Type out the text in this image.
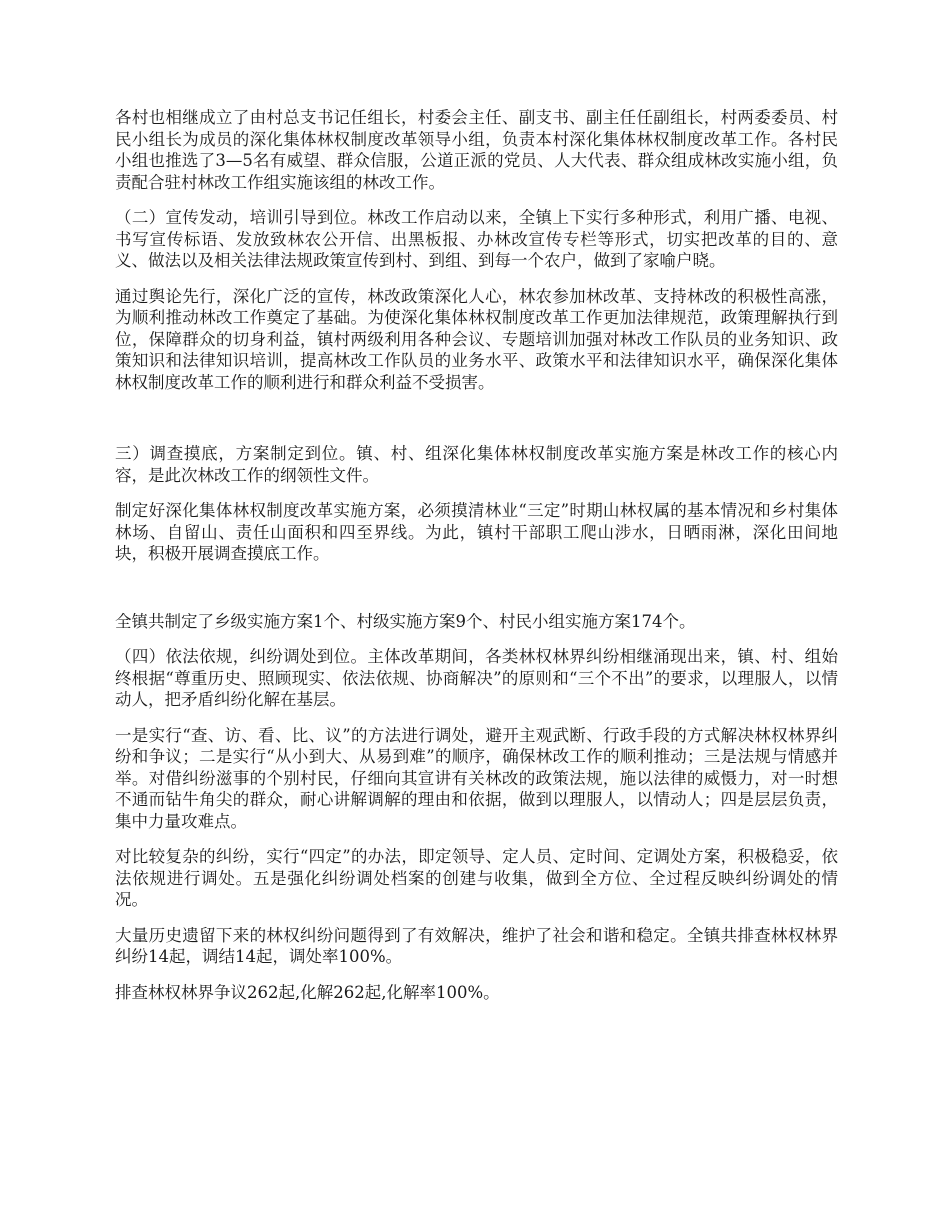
各村也相继成立了由村总支书记任组长，村委会主任、副支书、副主任任副组长，村两委委员、村民小组长为成员的深化集体林权制度改革领导小组，负责本村深化集体林权制度改革工作。各村民小组也推选了3—5名有威望、群众信服，公道正派的党员、人大代表、群众组成林改实施小组，负责配合驻村林改工作组实施该组的林改工作。

（二）宣传发动，培训引导到位。林改工作启动以来，全镇上下实行多种形式，利用广播、电视、书写宣传标语、发放致林农公开信、出黑板报、办林改宣传专栏等形式，切实把改革的目的、意义、做法以及相关法律法规政策宣传到村、到组、到每一个农户，做到了家喻户晓。

通过舆论先行，深化广泛的宣传，林改政策深化人心，林农参加林改革、支持林改的积极性高涨，为顺利推动林改工作奠定了基础。为使深化集体林权制度改革工作更加法律规范，政策理解执行到位，保障群众的切身利益，镇村两级利用各种会议、专题培训加强对林改工作队员的业务知识、政策知识和法律知识培训，提高林改工作队员的业务水平、政策水平和法律知识水平，确保深化集体林权制度改革工作的顺利进行和群众利益不受损害。

三）调查摸底，方案制定到位。镇、村、组深化集体林权制度改革实施方案是林改工作的核心内容，是此次林改工作的纲领性文件。

制定好深化集体林权制度改革实施方案，必须摸清林业“三定”时期山林权属的基本情况和乡村集体林场、自留山、责任山面积和四至界线。为此，镇村干部职工爬山涉水，日晒雨淋，深化田间地块，积极开展调查摸底工作。

全镇共制定了乡级实施方案1个、村级实施方案9个、村民小组实施方案174个。

（四）依法依规，纠纷调处到位。主体改革期间，各类林权林界纠纷相继涌现出来，镇、村、组始终根据“尊重历史、照顾现实、依法依规、协商解决”的原则和“三个不出”的要求，以理服人，以情动人，把矛盾纠纷化解在基层。

一是实行“查、访、看、比、议”的方法进行调处，避开主观武断、行政手段的方式解决林权林界纠纷和争议；二是实行“从小到大、从易到难”的顺序，确保林改工作的顺利推动；三是法规与情感并举。对借纠纷滋事的个别村民，仔细向其宣讲有关林改的政策法规，施以法律的威慑力，对一时想不通而钻牛角尖的群众，耐心讲解调解的理由和依据，做到以理服人，以情动人；四是层层负责，集中力量攻难点。

对比较复杂的纠纷，实行“四定”的办法，即定领导、定人员、定时间、定调处方案，积极稳妥，依法依规进行调处。五是强化纠纷调处档案的创建与收集，做到全方位、全过程反映纠纷调处的情况。

大量历史遗留下来的林权纠纷问题得到了有效解决，维护了社会和谐和稳定。全镇共排查林权林界纠纷14起，调结14起，调处率100%。

排查林权林界争议262起,化解262起,化解率100%。
